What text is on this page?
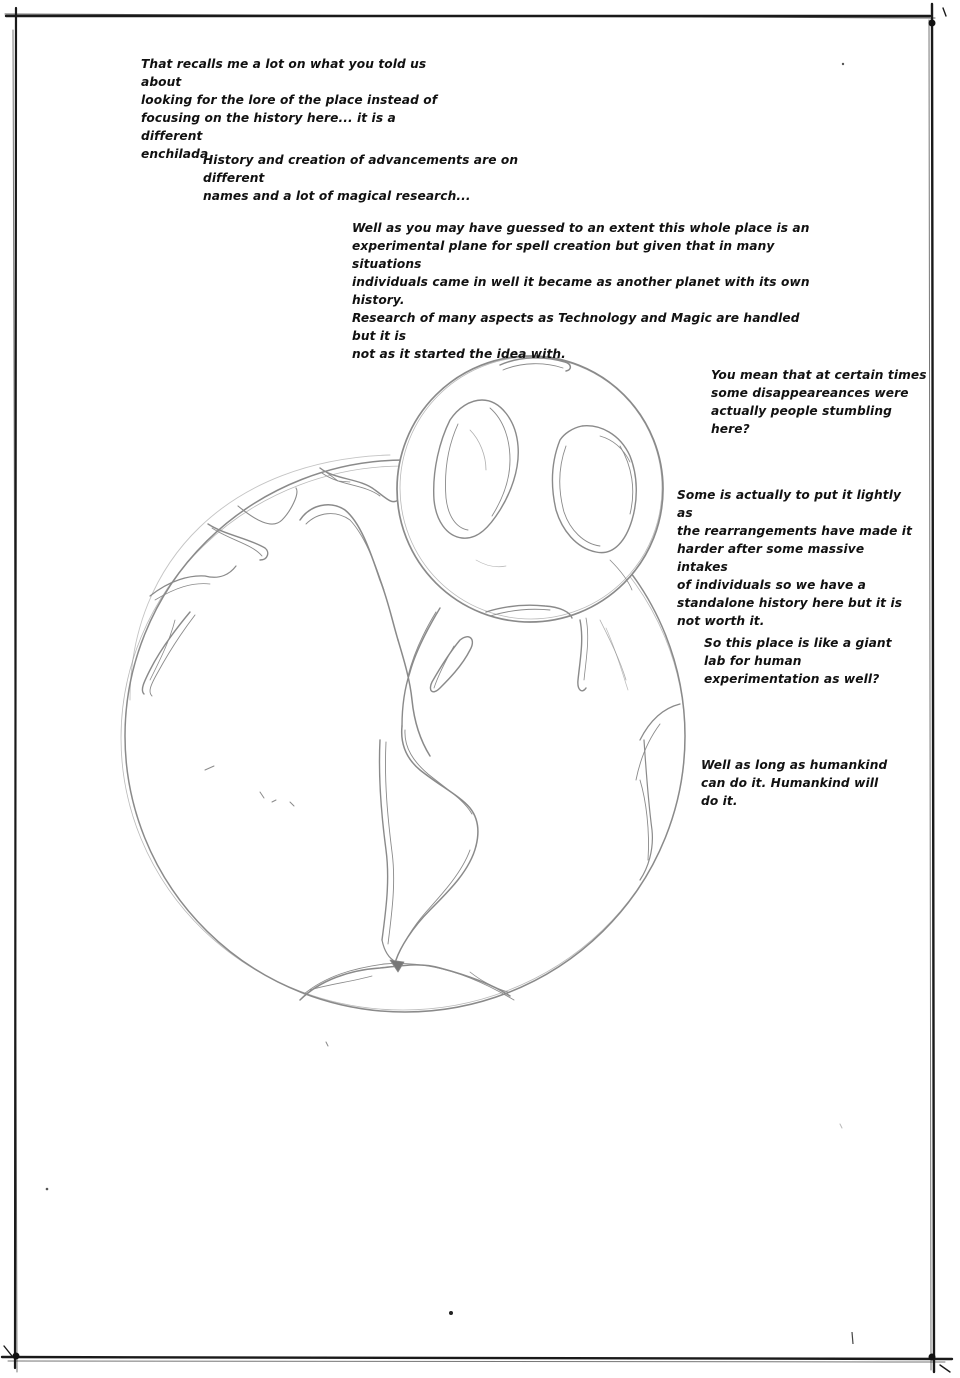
That recalls me a lot on what you told us about
looking for the lore of the place instead of
focusing on the history here... it is a different
enchilada

History and creation of advancements are on different
names and a lot of magical research...

Well as you may have guessed to an extent this whole place is an
experimental plane for spell creation but given that in many situations
individuals came in well it became as another planet with its own history.
Research of many aspects as Technology and Magic are handled but it is
not as it started the idea with.

You mean that at certain times
some disappeareances were
actually people stumbling here?

Some is actually to put it lightly as
the rearrangements have made it
harder after some massive intakes
of individuals so we have a
standalone history here but it is
not worth it.

So this place is like a giant
lab for human
experimentation as well?

Well as long as humankind
can do it. Humankind will
do it.
